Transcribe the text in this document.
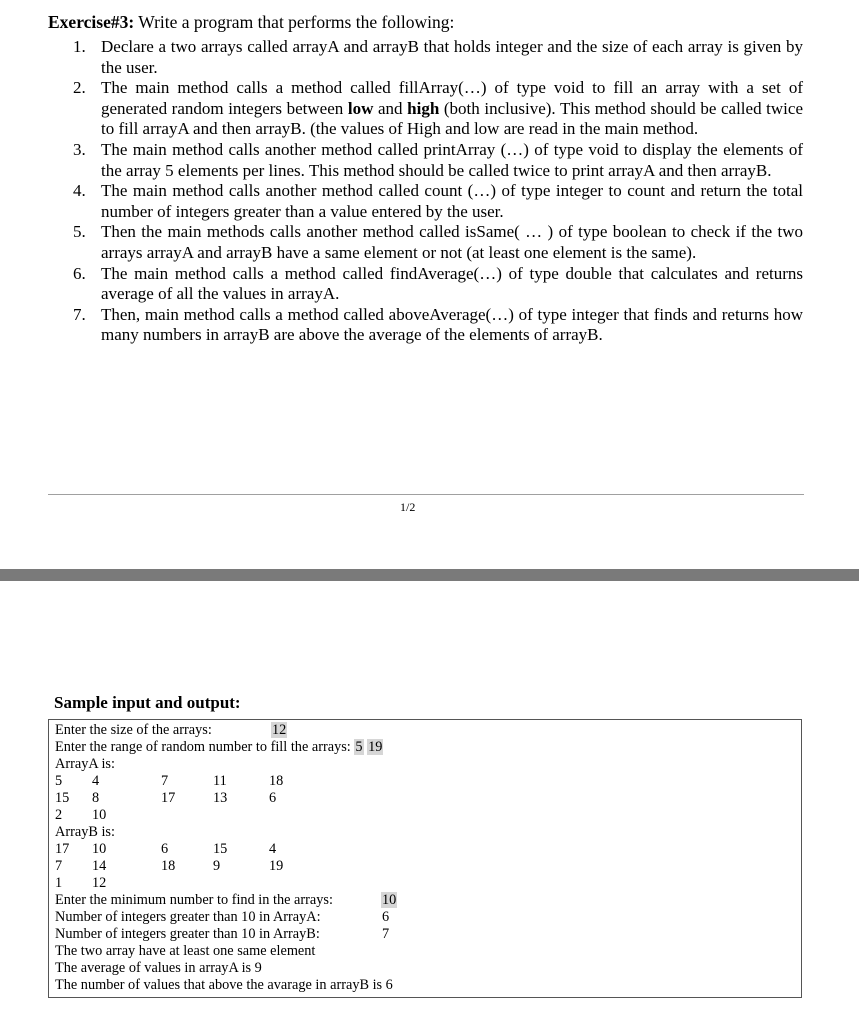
Exercise#3: Write a program that performs the following:
1. Declare a two arrays called arrayA and arrayB that holds integer and the size of each array is given by the user.
2. The main method calls a method called fillArray(…) of type void to fill an array with a set of generated random integers between low and high (both inclusive). This method should be called twice to fill arrayA and then arrayB. (the values of High and low are read in the main method.
3. The main method calls another method called printArray (…) of type void to display the elements of the array 5 elements per lines. This method should be called twice to print arrayA and then arrayB.
4. The main method calls another method called count (…) of type integer to count and return the total number of integers greater than a value entered by the user.
5. Then the main methods calls another method called isSame( … ) of type boolean to check if the two arrays arrayA and arrayB have a same element or not (at least one element is the same).
6. The main method calls a method called findAverage(…) of type double that calculates and returns average of all the values in arrayA.
7. Then, main method calls a method called aboveAverage(…) of type integer that finds and returns how many numbers in arrayB are above the average of the elements of arrayB.
1/2
Sample input and output:
Enter the size of the arrays:	12
Enter the range of random number to fill the arrays: 5 19
ArrayA is:
5 4	7	11	18
15 8	17	13	6
2 10
ArrayB is:
17 10	6	15	4
7 14	18	9	19
1 12
Enter the minimum number to find in the arrays:	10
Number of integers greater than 10 in ArrayA:	6
Number of integers greater than 10 in ArrayB:	7
The two array have at least one same element
The average of values in arrayA is 9
The number of values that above the avarage in arrayB is 6
